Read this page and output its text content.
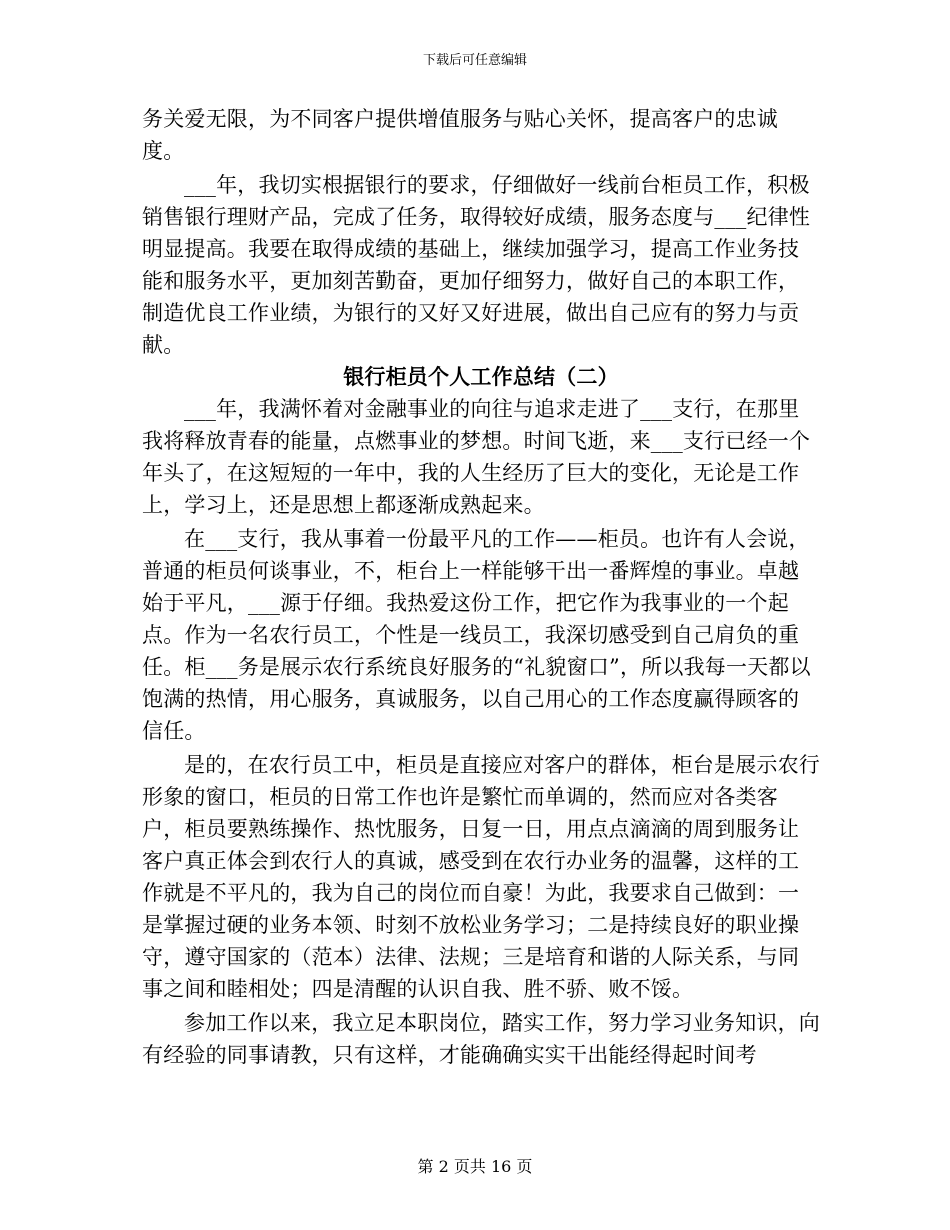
下载后可任意编辑

务关爱无限，为不同客户提供增值服务与贴心关怀，提高客户的忠诚度。

___年，我切实根据银行的要求，仔细做好一线前台柜员工作，积极销售银行理财产品，完成了任务，取得较好成绩，服务态度与___纪律性明显提高。我要在取得成绩的基础上，继续加强学习，提高工作业务技能和服务水平，更加刻苦勤奋，更加仔细努力，做好自己的本职工作，制造优良工作业绩，为银行的又好又好进展，做出自己应有的努力与贡献。

银行柜员个人工作总结（二）

___年，我满怀着对金融事业的向往与追求走进了___支行，在那里我将释放青春的能量，点燃事业的梦想。时间飞逝，来___支行已经一个年头了，在这短短的一年中，我的人生经历了巨大的变化，无论是工作上，学习上，还是思想上都逐渐成熟起来。

在___支行，我从事着一份最平凡的工作——柜员。也许有人会说，普通的柜员何谈事业，不，柜台上一样能够干出一番辉煌的事业。卓越始于平凡，___源于仔细。我热爱这份工作，把它作为我事业的一个起点。作为一名农行员工，个性是一线员工，我深切感受到自己肩负的重任。柜___务是展示农行系统良好服务的“礼貌窗口”，所以我每一天都以饱满的热情，用心服务，真诚服务，以自己用心的工作态度赢得顾客的信任。

是的，在农行员工中，柜员是直接应对客户的群体，柜台是展示农行形象的窗口，柜员的日常工作也许是繁忙而单调的，然而应对各类客户，柜员要熟练操作、热忱服务，日复一日，用点点滴滴的周到服务让客户真正体会到农行人的真诚，感受到在农行办业务的温馨，这样的工作就是不平凡的，我为自己的岗位而自豪！为此，我要求自己做到：一是掌握过硬的业务本领、时刻不放松业务学习；二是持续良好的职业操守，遵守国家的（范本）法律、法规；三是培育和谐的人际关系，与同事之间和睦相处；四是清醒的认识自我、胜不骄、败不馁。

参加工作以来，我立足本职岗位，踏实工作，努力学习业务知识，向有经验的同事请教，只有这样，才能确确实实干出能经得起时间考

第 2 页共 16 页
